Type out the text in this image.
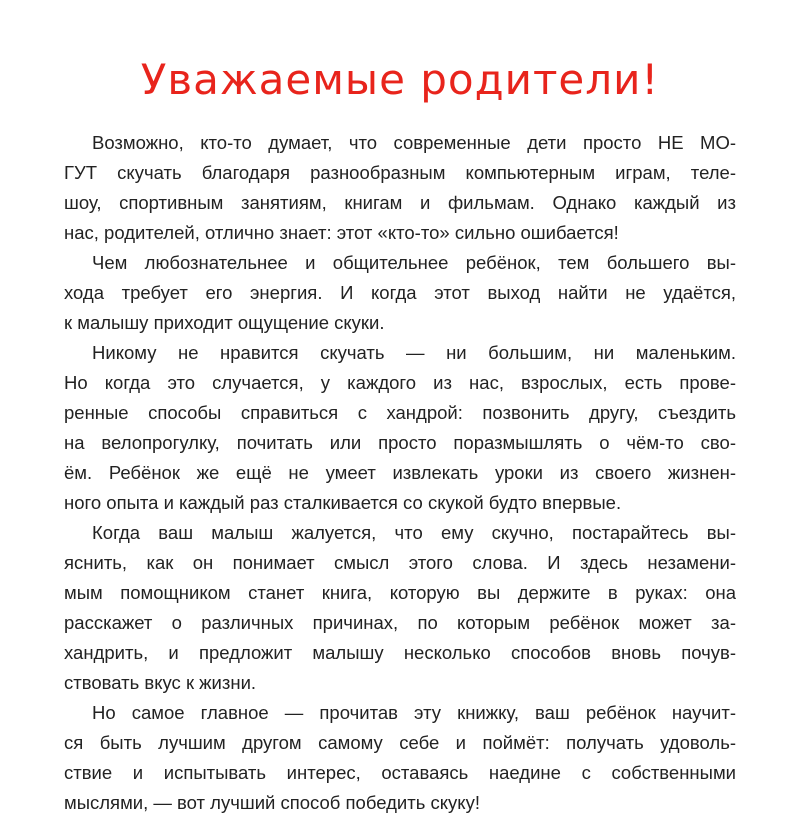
Уважаемые родители!
Возможно, кто-то думает, что современные дети просто НЕ МО-
ГУТ скучать благодаря разнообразным компьютерным играм, теле-
шоу, спортивным занятиям, книгам и фильмам. Однако каждый из
нас, родителей, отлично знает: этот «кто-то» сильно ошибается!
Чем любознательнее и общительнее ребёнок, тем большего вы-
хода требует его энергия. И когда этот выход найти не удаётся,
к малышу приходит ощущение скуки.
Никому не нравится скучать — ни большим, ни маленьким.
Но когда это случается, у каждого из нас, взрослых, есть прове-
ренные способы справиться с хандрой: позвонить другу, съездить
на велопрогулку, почитать или просто поразмышлять о чём-то сво-
ём. Ребёнок же ещё не умеет извлекать уроки из своего жизнен-
ного опыта и каждый раз сталкивается со скукой будто впервые.
Когда ваш малыш жалуется, что ему скучно, постарайтесь вы-
яснить, как он понимает смысл этого слова. И здесь незамени-
мым помощником станет книга, которую вы держите в руках: она
расскажет о различных причинах, по которым ребёнок может за-
хандрить, и предложит малышу несколько способов вновь почув-
ствовать вкус к жизни.
Но самое главное — прочитав эту книжку, ваш ребёнок научит-
ся быть лучшим другом самому себе и поймёт: получать удоволь-
ствие и испытывать интерес, оставаясь наедине с собственными
мыслями, — вот лучший способ победить скуку!
